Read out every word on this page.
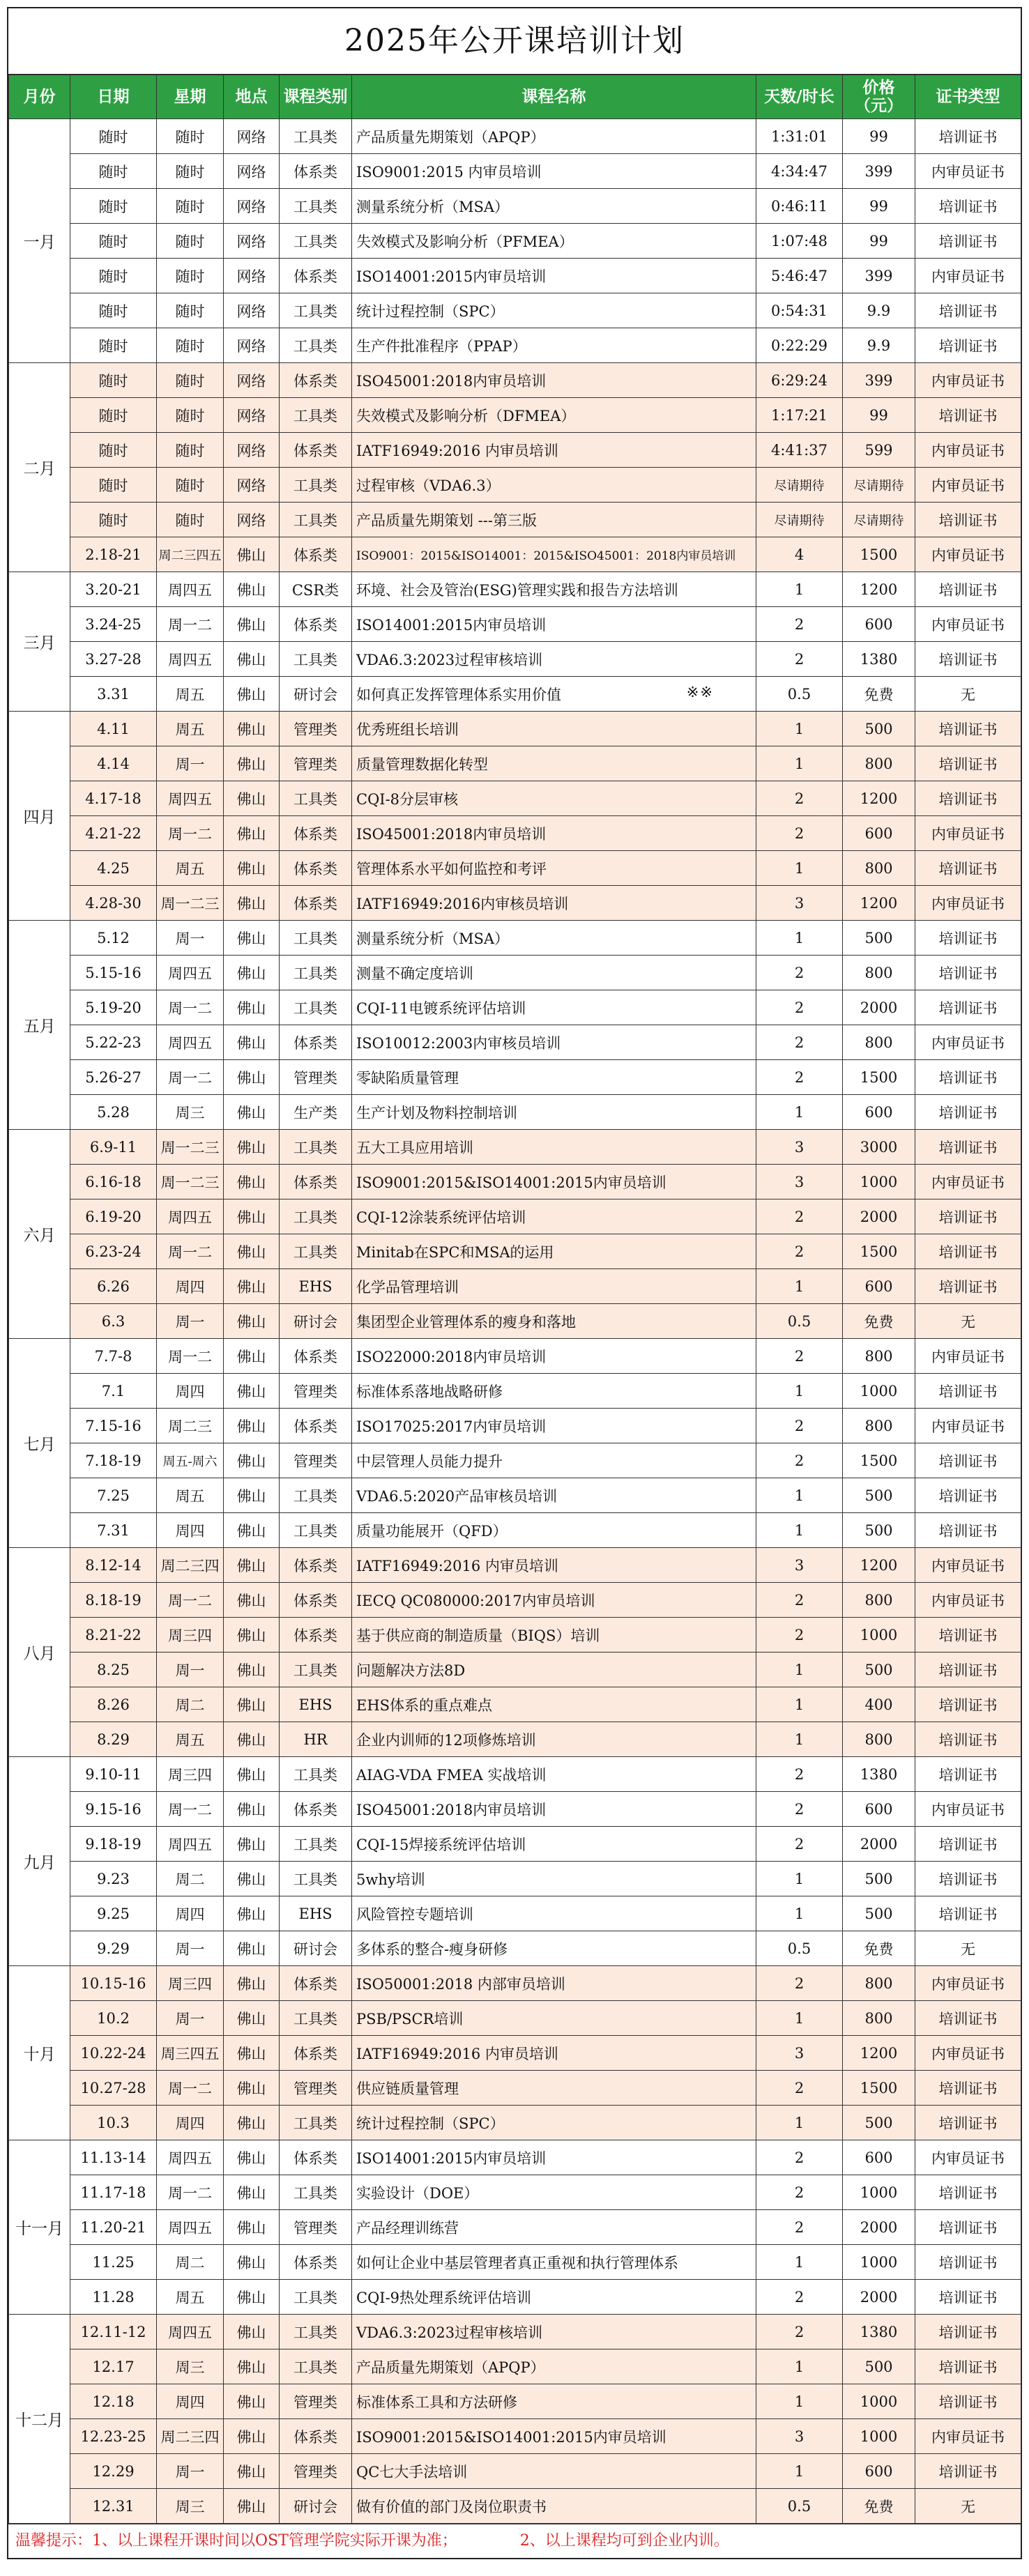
2025年公开课培训计划
月份	日期	星期	地点	课程类别	课程名称	天数/时长	价格（元）	证书类型
一月	随时	随时	网络	工具类	产品质量先期策划（APQP）	1:31:01	99	培训证书
	随时	随时	网络	体系类	ISO9001:2015 内审员培训	4:34:47	399	内审员证书
	随时	随时	网络	工具类	测量系统分析（MSA）	0:46:11	99	培训证书
	随时	随时	网络	工具类	失效模式及影响分析（PFMEA）	1:07:48	99	培训证书
	随时	随时	网络	体系类	ISO14001:2015内审员培训	5:46:47	399	内审员证书
	随时	随时	网络	工具类	统计过程控制（SPC）	0:54:31	9.9	培训证书
	随时	随时	网络	工具类	生产件批准程序（PPAP）	0:22:29	9.9	培训证书
二月	随时	随时	网络	体系类	ISO45001:2018内审员培训	6:29:24	399	内审员证书
	随时	随时	网络	工具类	失效模式及影响分析（DFMEA）	1:17:21	99	培训证书
	随时	随时	网络	体系类	IATF16949:2016 内审员培训	4:41:37	599	内审员证书
	随时	随时	网络	工具类	过程审核（VDA6.3）	尽请期待	尽请期待	内审员证书
	随时	随时	网络	工具类	产品质量先期策划 ---第三版	尽请期待	尽请期待	培训证书
	2.18-21	周二三四五	佛山	体系类	ISO9001：2015&ISO14001：2015&ISO45001：2018内审员培训	4	1500	内审员证书
三月	3.20-21	周四五	佛山	CSR类	环境、社会及管治(ESG)管理实践和报告方法培训	1	1200	培训证书
	3.24-25	周一二	佛山	体系类	ISO14001:2015内审员培训	2	600	内审员证书
	3.27-28	周四五	佛山	工具类	VDA6.3:2023过程审核培训	2	1380	培训证书
	3.31	周五	佛山	研讨会	如何真正发挥管理体系实用价值 ※※	0.5	免费	无
四月	4.11	周五	佛山	管理类	优秀班组长培训	1	500	培训证书
	4.14	周一	佛山	管理类	质量管理数据化转型	1	800	培训证书
	4.17-18	周四五	佛山	工具类	CQI-8分层审核	2	1200	培训证书
	4.21-22	周一二	佛山	体系类	ISO45001:2018内审员培训	2	600	内审员证书
	4.25	周五	佛山	体系类	管理体系水平如何监控和考评	1	800	培训证书
	4.28-30	周一二三	佛山	体系类	IATF16949:2016内审核员培训	3	1200	内审员证书
五月	5.12	周一	佛山	工具类	测量系统分析（MSA）	1	500	培训证书
	5.15-16	周四五	佛山	工具类	测量不确定度培训	2	800	培训证书
	5.19-20	周一二	佛山	工具类	CQI-11电镀系统评估培训	2	2000	培训证书
	5.22-23	周四五	佛山	体系类	ISO10012:2003内审核员培训	2	800	内审员证书
	5.26-27	周一二	佛山	管理类	零缺陷质量管理	2	1500	培训证书
	5.28	周三	佛山	生产类	生产计划及物料控制培训	1	600	培训证书
六月	6.9-11	周一二三	佛山	工具类	五大工具应用培训	3	3000	培训证书
	6.16-18	周一二三	佛山	体系类	ISO9001:2015&ISO14001:2015内审员培训	3	1000	内审员证书
	6.19-20	周四五	佛山	工具类	CQI-12涂装系统评估培训	2	2000	培训证书
	6.23-24	周一二	佛山	工具类	Minitab在SPC和MSA的运用	2	1500	培训证书
	6.26	周四	佛山	EHS	化学品管理培训	1	600	培训证书
	6.3	周一	佛山	研讨会	集团型企业管理体系的瘦身和落地	0.5	免费	无
七月	7.7-8	周一二	佛山	体系类	ISO22000:2018内审员培训	2	800	内审员证书
	7.1	周四	佛山	管理类	标准体系落地战略研修	1	1000	培训证书
	7.15-16	周二三	佛山	体系类	ISO17025:2017内审员培训	2	800	内审员证书
	7.18-19	周五-周六	佛山	管理类	中层管理人员能力提升	2	1500	培训证书
	7.25	周五	佛山	工具类	VDA6.5:2020产品审核员培训	1	500	培训证书
	7.31	周四	佛山	工具类	质量功能展开（QFD）	1	500	培训证书
八月	8.12-14	周二三四	佛山	体系类	IATF16949:2016 内审员培训	3	1200	内审员证书
	8.18-19	周一二	佛山	体系类	IECQ QC080000:2017内审员培训	2	800	内审员证书
	8.21-22	周三四	佛山	体系类	基于供应商的制造质量（BIQS）培训	2	1000	培训证书
	8.25	周一	佛山	工具类	问题解决方法8D	1	500	培训证书
	8.26	周二	佛山	EHS	EHS体系的重点难点	1	400	培训证书
	8.29	周五	佛山	HR	企业内训师的12项修炼培训	1	800	培训证书
九月	9.10-11	周三四	佛山	工具类	AIAG-VDA FMEA 实战培训	2	1380	培训证书
	9.15-16	周一二	佛山	体系类	ISO45001:2018内审员培训	2	600	内审员证书
	9.18-19	周四五	佛山	工具类	CQI-15焊接系统评估培训	2	2000	培训证书
	9.23	周二	佛山	工具类	5why培训	1	500	培训证书
	9.25	周四	佛山	EHS	风险管控专题培训	1	500	培训证书
	9.29	周一	佛山	研讨会	多体系的整合-瘦身研修	0.5	免费	无
十月	10.15-16	周三四	佛山	体系类	ISO50001:2018 内部审员培训	2	800	内审员证书
	10.2	周一	佛山	工具类	PSB/PSCR培训	1	800	培训证书
	10.22-24	周三四五	佛山	体系类	IATF16949:2016 内审员培训	3	1200	内审员证书
	10.27-28	周一二	佛山	管理类	供应链质量管理	2	1500	培训证书
	10.3	周四	佛山	工具类	统计过程控制（SPC）	1	500	培训证书
十一月	11.13-14	周四五	佛山	体系类	ISO14001:2015内审员培训	2	600	内审员证书
	11.17-18	周一二	佛山	工具类	实验设计（DOE）	2	1000	培训证书
	11.20-21	周四五	佛山	管理类	产品经理训练营	2	2000	培训证书
	11.25	周二	佛山	体系类	如何让企业中基层管理者真正重视和执行管理体系	1	1000	培训证书
	11.28	周五	佛山	工具类	CQI-9热处理系统评估培训	2	2000	培训证书
十二月	12.11-12	周四五	佛山	工具类	VDA6.3:2023过程审核培训	2	1380	培训证书
	12.17	周三	佛山	工具类	产品质量先期策划（APQP）	1	500	培训证书
	12.18	周四	佛山	管理类	标准体系工具和方法研修	1	1000	培训证书
	12.23-25	周二三四	佛山	体系类	ISO9001:2015&ISO14001:2015内审员培训	3	1000	内审员证书
	12.29	周一	佛山	管理类	QC七大手法培训	1	600	培训证书
	12.31	周三	佛山	研讨会	做有价值的部门及岗位职责书	0.5	免费	无
温馨提示：1、以上课程开课时间以OST管理学院实际开课为准；	2、以上课程均可到企业内训。
